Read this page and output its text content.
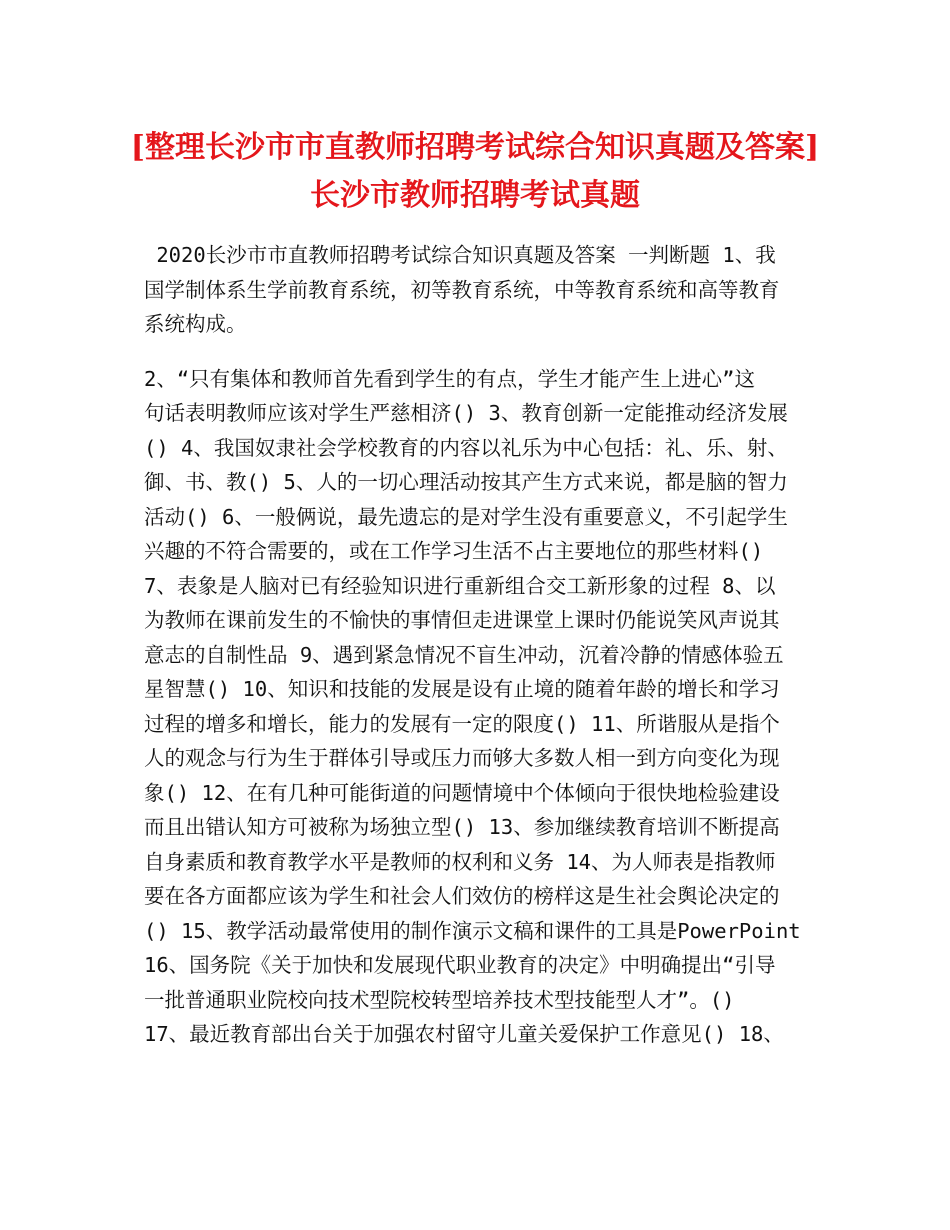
[整理长沙市市直教师招聘考试综合知识真题及答案]
长沙市教师招聘考试真题
2020长沙市市直教师招聘考试综合知识真题及答案 一判断题 1、我
国学制体系生学前教育系统，初等教育系统，中等教育系统和高等教育
系统构成。
2、“只有集体和教师首先看到学生的有点，学生才能产生上进心”这
句话表明教师应该对学生严慈相济() 3、教育创新一定能推动经济发展
() 4、我国奴隶社会学校教育的内容以礼乐为中心包括：礼、乐、射、
御、书、教() 5、人的一切心理活动按其产生方式来说，都是脑的智力
活动() 6、一般俩说，最先遗忘的是对学生没有重要意义，不引起学生
兴趣的不符合需要的，或在工作学习生活不占主要地位的那些材料()
7、表象是人脑对已有经验知识进行重新组合交工新形象的过程 8、以
为教师在课前发生的不愉快的事情但走进课堂上课时仍能说笑风声说其
意志的自制性品 9、遇到紧急情况不盲生冲动，沉着冷静的情感体验五
星智慧() 10、知识和技能的发展是设有止境的随着年龄的增长和学习
过程的增多和增长，能力的发展有一定的限度() 11、所谐服从是指个
人的观念与行为生于群体引导或压力而够大多数人相一到方向变化为现
象() 12、在有几种可能街道的问题情境中个体倾向于很快地检验建设
而且出错认知方可被称为场独立型() 13、参加继续教育培训不断提高
自身素质和教育教学水平是教师的权利和义务 14、为人师表是指教师
要在各方面都应该为学生和社会人们效仿的榜样这是生社会舆论决定的
() 15、教学活动最常使用的制作演示文稿和课件的工具是PowerPoint
16、国务院《关于加快和发展现代职业教育的决定》中明确提出“引导
一批普通职业院校向技术型院校转型培养技术型技能型人才”。()
17、最近教育部出台关于加强农村留守儿童关爱保护工作意见() 18、
